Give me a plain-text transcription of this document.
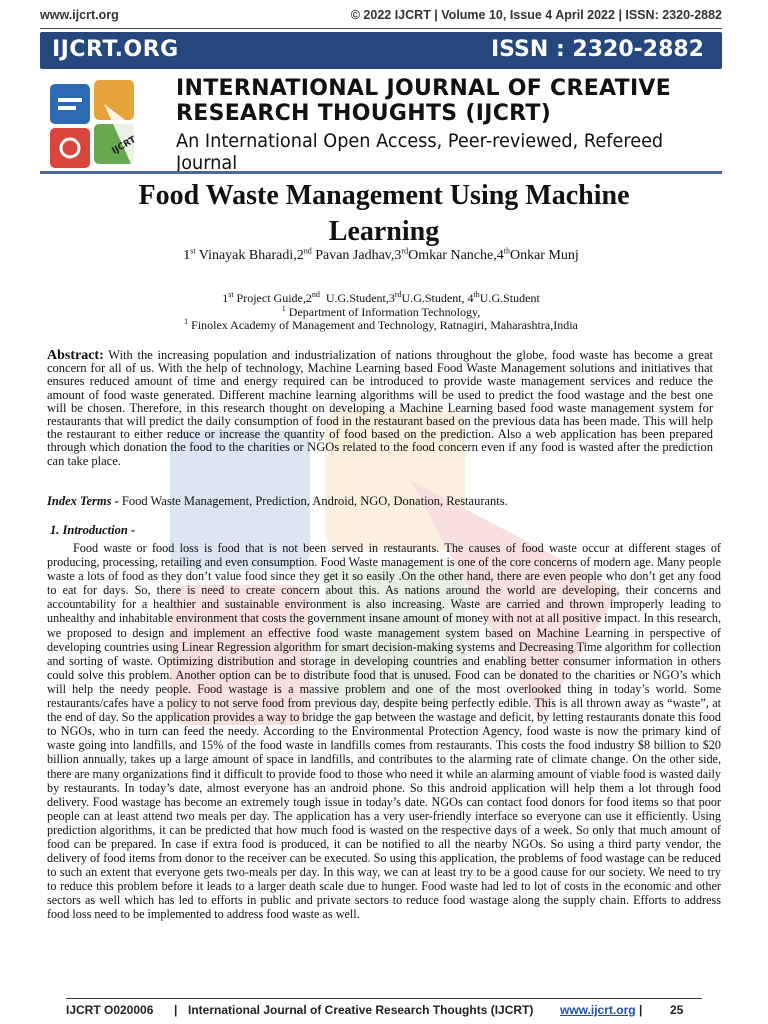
www.ijcrt.org	© 2022 IJCRT | Volume 10, Issue 4 April 2022 | ISSN: 2320-2882
IJCRT.ORG	ISSN : 2320-2882
IJCRT
INTERNATIONAL JOURNAL OF CREATIVE
RESEARCH THOUGHTS (IJCRT)
An International Open Access, Peer-reviewed, Refereed Journal
Food Waste Management Using Machine
Learning
1st Vinayak Bharadi,2nd Pavan Jadhav,3rdOmkar Nanche,4thOnkar Munj
1st Project Guide,2nd  U.G.Student,3rdU.G.Student, 4thU.G.Student
$^1$ Department of Information Technology,
$^1$ Finolex Academy of Management and Technology, Ratnagiri, Maharashtra,India
Abstract: With the increasing population and industrialization of nations throughout the globe, food waste has become a great concern for all of us. With the help of technology, Machine Learning based Food Waste Management solutions and initiatives that ensures reduced amount of time and energy required can be introduced to provide waste management services and reduce the amount of food waste generated. Different machine learning algorithms will be used to predict the food wastage and the best one will be chosen. Therefore, in this research thought on developing a Machine Learning based food waste management system for restaurants that will predict the daily consumption of food in the restaurant based on the previous data has been made. This will help the restaurant to either reduce or increase the quantity of food based on the prediction. Also a web application has been prepared through which donation the food to the charities or NGOs related to the food concern even if any food is wasted after the prediction can take place.
Index Terms - Food Waste Management, Prediction, Android, NGO, Donation, Restaurants.
1. Introduction -

Food waste or food loss is food that is not been served in restaurants. The causes of food waste occur at different stages of producing, processing, retailing and even consumption. Food Waste management is one of the core concerns of modern age. Many people waste a lots of food as they don’t value food since they get it so easily .On the other hand, there are even people who don’t get any food to eat for days. So, there is need to create concern about this. As nations around the world are developing, their concerns and accountability for a healthier and sustainable environment is also increasing. Waste are carried and thrown improperly leading to unhealthy and inhabitable environment that costs the government insane amount of money with not at all positive impact. In this research, we proposed to design and implement an effective food waste management system based on Machine Learning in perspective of developing countries using Linear Regression algorithm for smart decision-making systems and Decreasing Time algorithm for collection and sorting of waste. Optimizing distribution and storage in developing countries and enabling better consumer information in others could solve this problem. Another option can be to distribute food that is unused. Food can be donated to the charities or NGO’s which will help the needy people. Food wastage is a massive problem and one of the most overlooked thing in today’s world. Some restaurants/cafes have a policy to not serve food from previous day, despite being perfectly edible. This is all thrown away as “waste”, at the end of day. So the application provides a way to bridge the gap between the wastage and deficit, by letting restaurants donate this food to NGOs, who in turn can feed the needy. According to the Environmental Protection Agency, food waste is now the primary kind of waste going into landfills, and 15% of the food waste in landfills comes from restaurants. This costs the food industry $8 billion to $20 billion annually, takes up a large amount of space in landfills, and contributes to the alarming rate of climate change. On the other side, there are many organizations find it difficult to provide food to those who need it while an alarming amount of viable food is wasted daily by restaurants. In today’s date, almost everyone has an android phone. So this android application will help them a lot through food delivery. Food wastage has become an extremely tough issue in today’s date. NGOs can contact food donors for food items so that poor people can at least attend two meals per day. The application has a very user-friendly interface so everyone can use it efficiently. Using prediction algorithms, it can be predicted that how much food is wasted on the respective days of a week. So only that much amount of food can be prepared. In case if extra food is produced, it can be notified to all the nearby NGOs. So using a third party vendor, the delivery of food items from donor to the receiver can be executed. So using this application, the problems of food wastage can be reduced to such an extent that everyone gets two-meals per day. In this way, we can at least try to be a good cause for our society. We need to try to reduce this problem before it leads to a larger death scale due to hunger. Food waste had led to lot of costs in the economic and other sectors as well which has led to efforts in public and private sectors to reduce food wastage along the supply chain. Efforts to address food loss need to be implemented to address food waste as well.

IJCRT O020006 | International Journal of Creative Research Thoughts (IJCRT) www.ijcrt.org | 25
